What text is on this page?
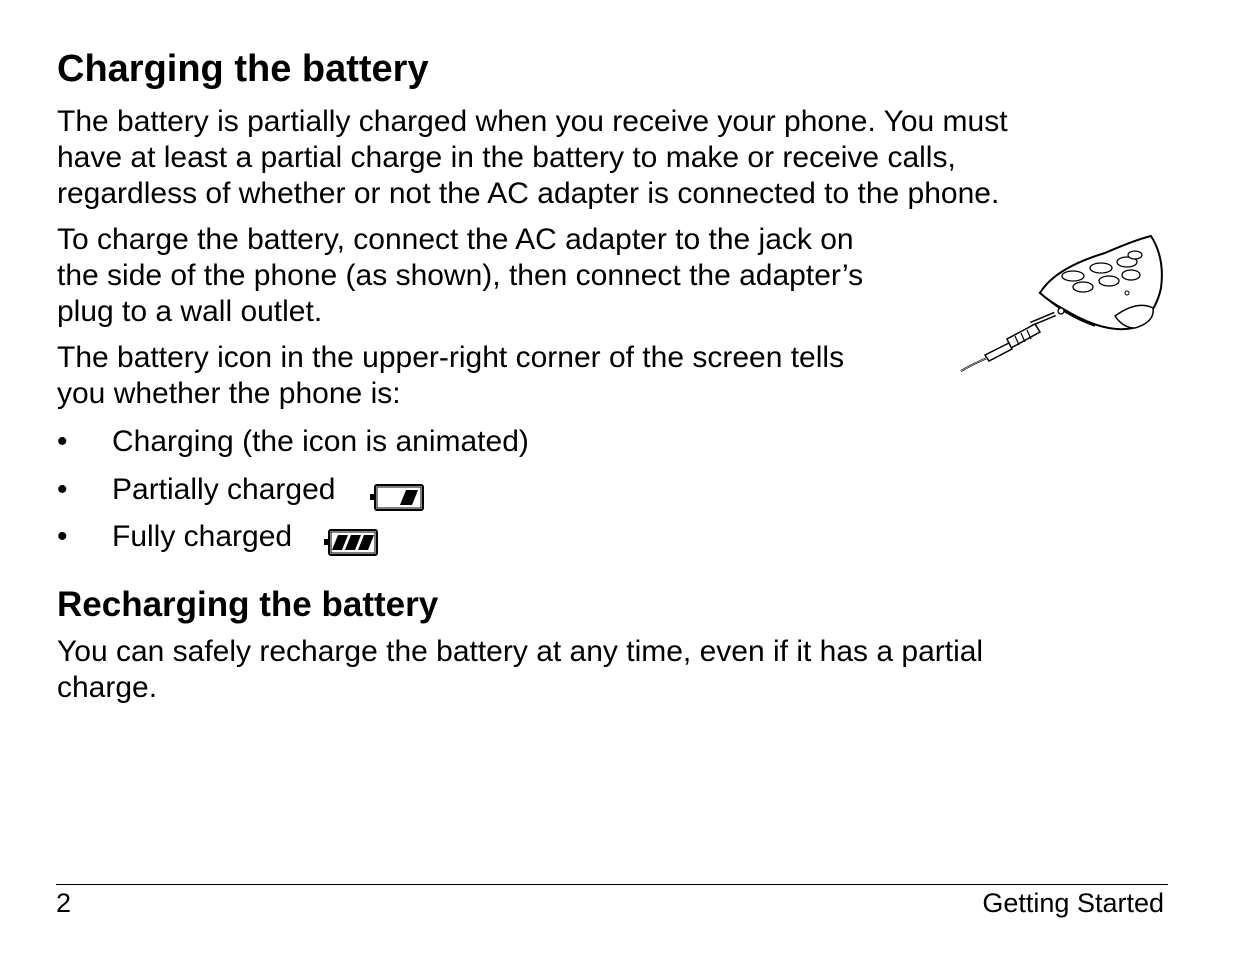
Charging the battery

The battery is partially charged when you receive your phone. You must
have at least a partial charge in the battery to make or receive calls,
regardless of whether or not the AC adapter is connected to the phone.

To charge the battery, connect the AC adapter to the jack on
the side of the phone (as shown), then connect the adapter’s
plug to a wall outlet.

The battery icon in the upper-right corner of the screen tells
you whether the phone is:

• Charging (the icon is animated)
• Partially charged
• Fully charged
Recharging the battery

You can safely recharge the battery at any time, even if it has a partial
charge.

2	Getting Started
